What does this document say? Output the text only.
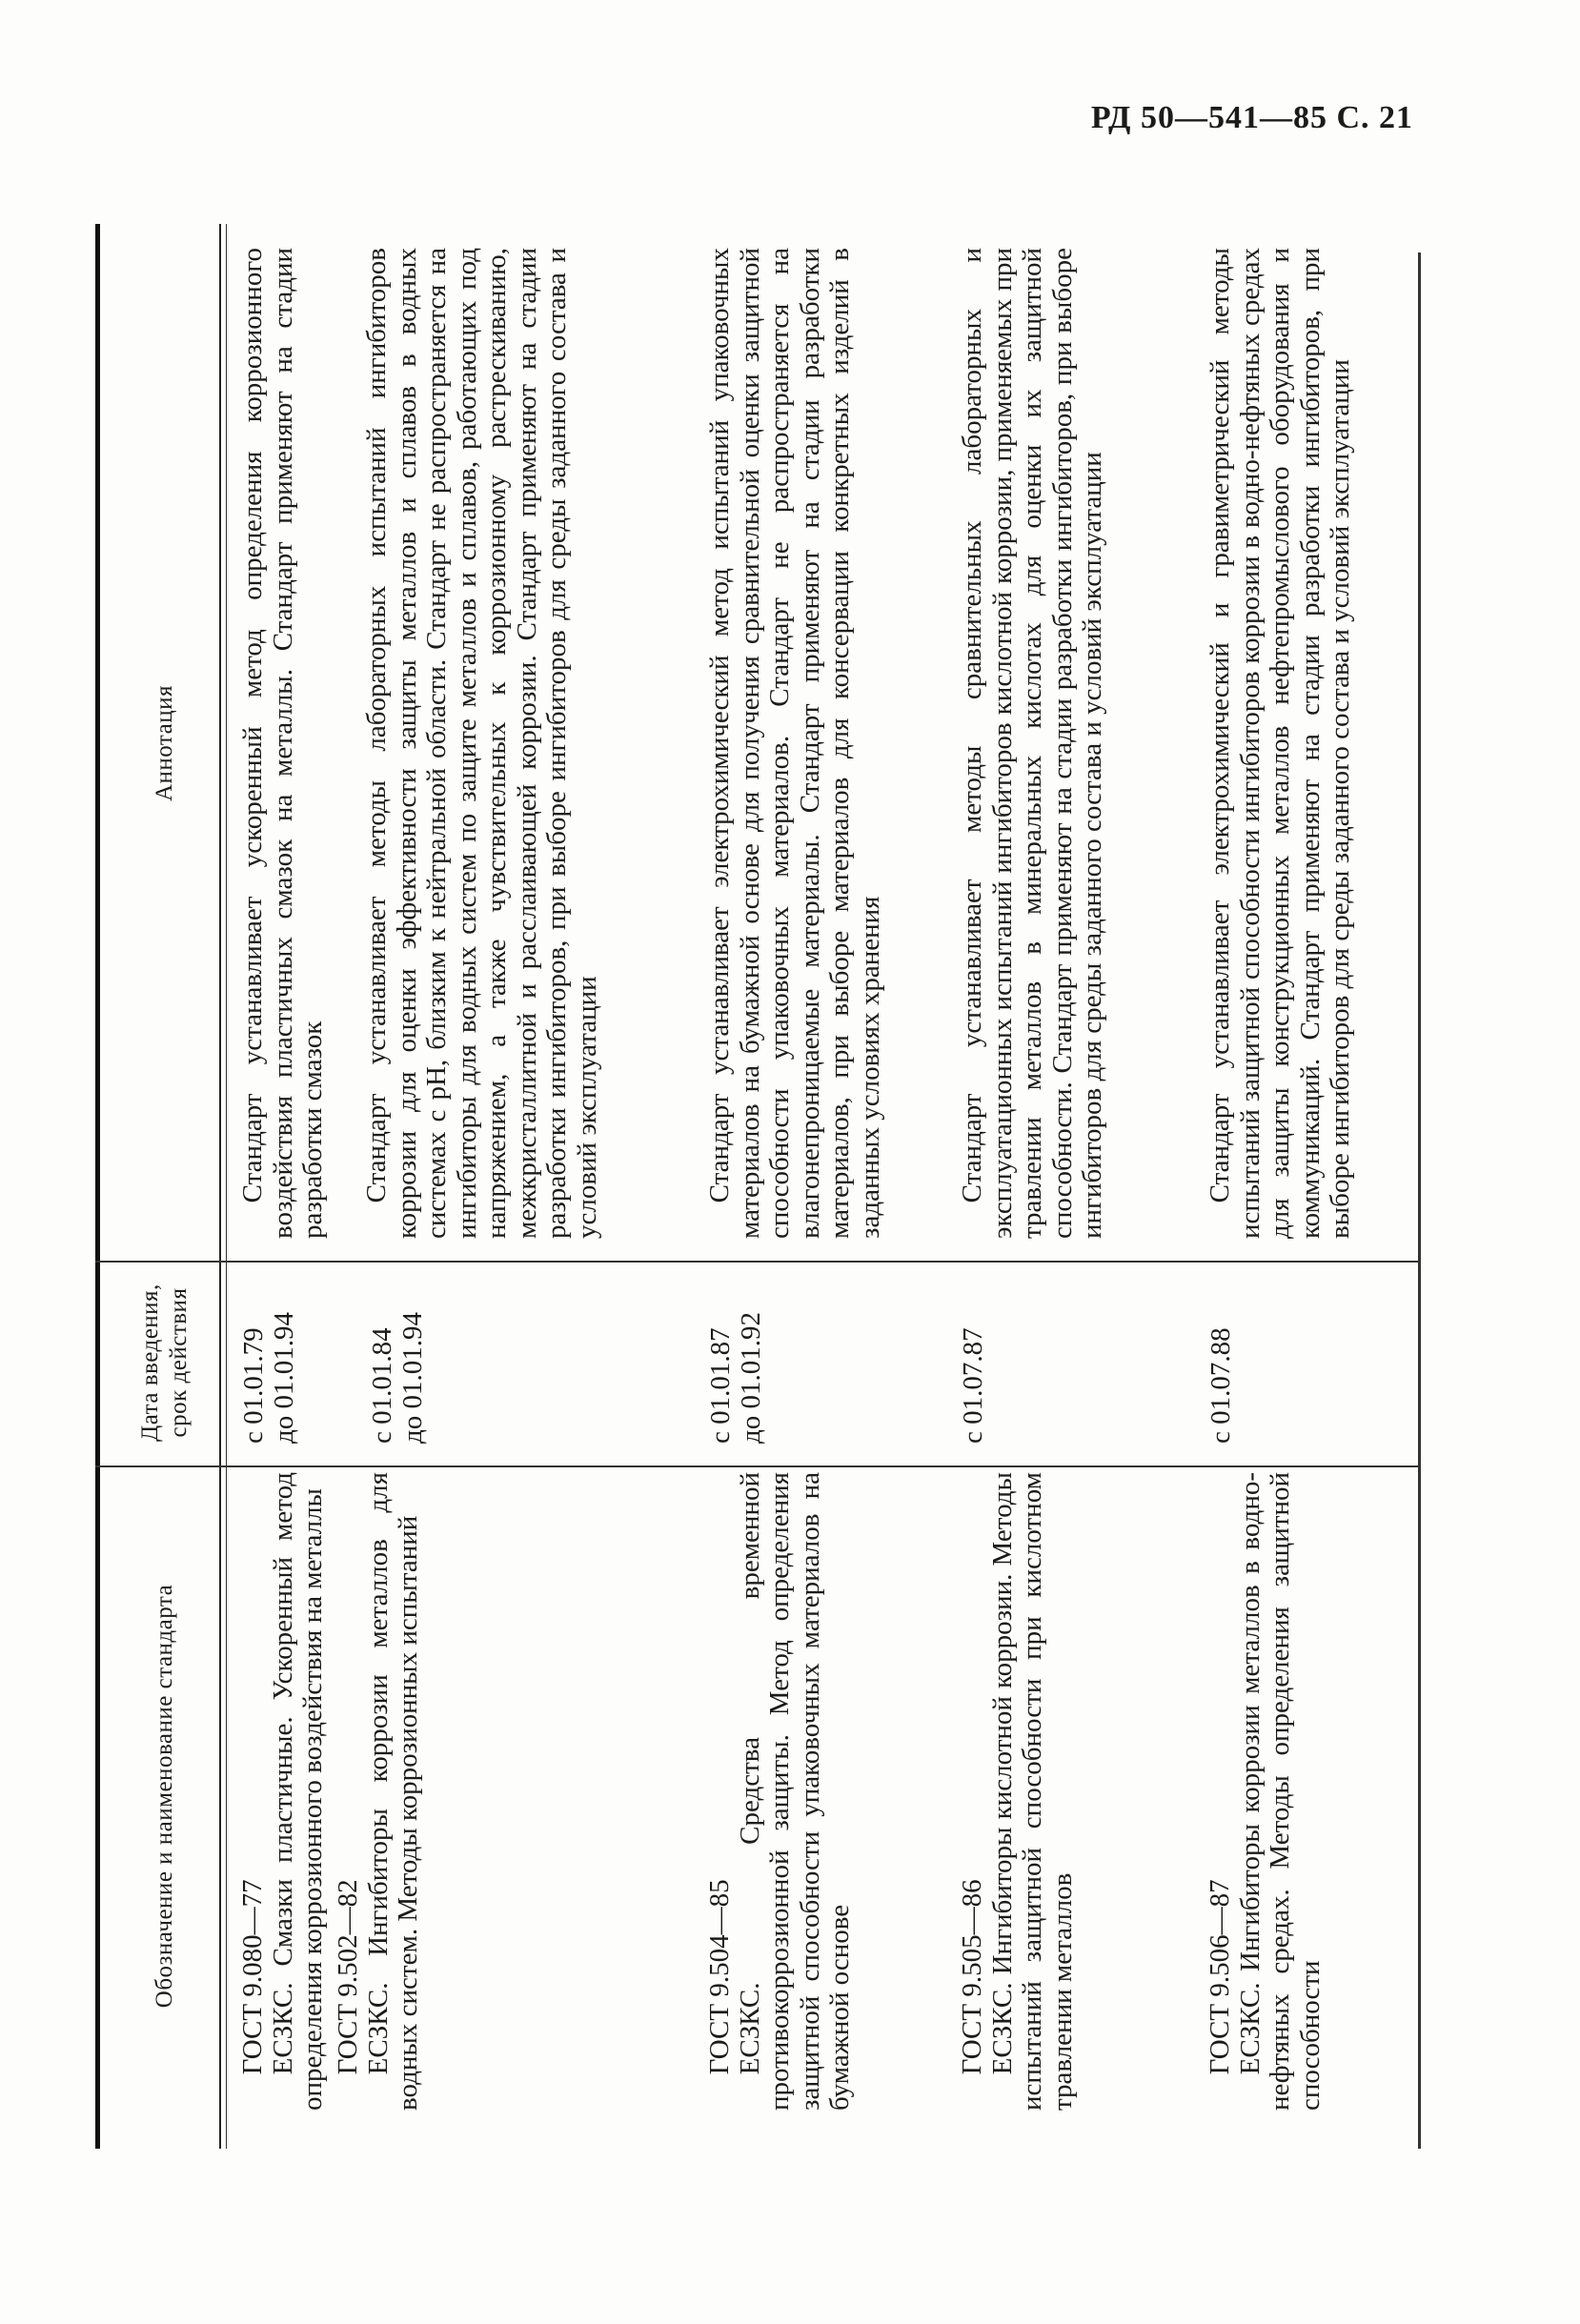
РД 50—541—85 С. 21
Обозначение и наименование стандарта
Дата введения, срок действия
Аннотация

ГОСТ 9.080—77 ЕСЗКС. Смазки пластичные. Ускоренный метод определения коррозионного воздействия на металлы

с 01.01.79 до 01.01.94

Стандарт устанавливает ускоренный метод определения коррозионного воздействия пластичных смазок на металлы. Стандарт применяют на стадии разработки смазок

ГОСТ 9.502—82 ЕСЗКС. Ингибиторы коррозии металлов для водных систем. Методы коррозионных испытаний

с 01.01.84 до 01.01.94

Стандарт устанавливает методы лабораторных испытаний ингибиторов коррозии для оценки эффективности защиты металлов и сплавов в водных системах с pH, близким к нейтральной области. Стандарт не распространяется на ингибиторы для водных систем по защите металлов и сплавов, работающих под напряжением, а также чувствительных к коррозионному растрескиванию, межкристаллитной и расслаивающей коррозии. Стандарт применяют на стадии разработки ингибиторов, при выборе ингибиторов для среды заданного состава и условий эксплуатации

ГОСТ 9.504—85 ЕСЗКС. Средства временной противокоррозионной защиты. Метод определения защитной способности упаковочных материалов на бумажной основе

с 01.01.87 до 01.01.92

Стандарт устанавливает электрохимический метод испытаний упаковочных материалов на бумажной основе для получения сравнительной оценки защитной способности упаковочных материалов. Стандарт не распространяется на влагонепроницаемые материалы. Стандарт применяют на стадии разработки материалов, при выборе материалов для консервации конкретных изделий в заданных условиях хранения

ГОСТ 9.505—86 ЕСЗКС. Ингибиторы кислотной коррозии. Методы испытаний защитной способности при кислотном травлении металлов

с 01.07.87

Стандарт устанавливает методы сравнительных лабораторных и эксплуатационных испытаний ингибиторов кислотной коррозии, применяемых при травлении металлов в минеральных кислотах для оценки их защитной способности. Стандарт применяют на стадии разработки ингибиторов, при выборе ингибиторов для среды заданного состава и условий эксплуатации

ГОСТ 9.506—87 ЕСЗКС. Ингибиторы коррозии металлов в водно-нефтяных средах. Методы определения защитной способности

с 01.07.88

Стандарт устанавливает электрохимический и гравиметрический методы испытаний защитной способности ингибиторов коррозии в водно-нефтяных средах для защиты конструкционных металлов нефтепромыслового оборудования и коммуникаций. Стандарт применяют на стадии разработки ингибиторов, при выборе ингибиторов для среды заданного состава и условий эксплуатации
